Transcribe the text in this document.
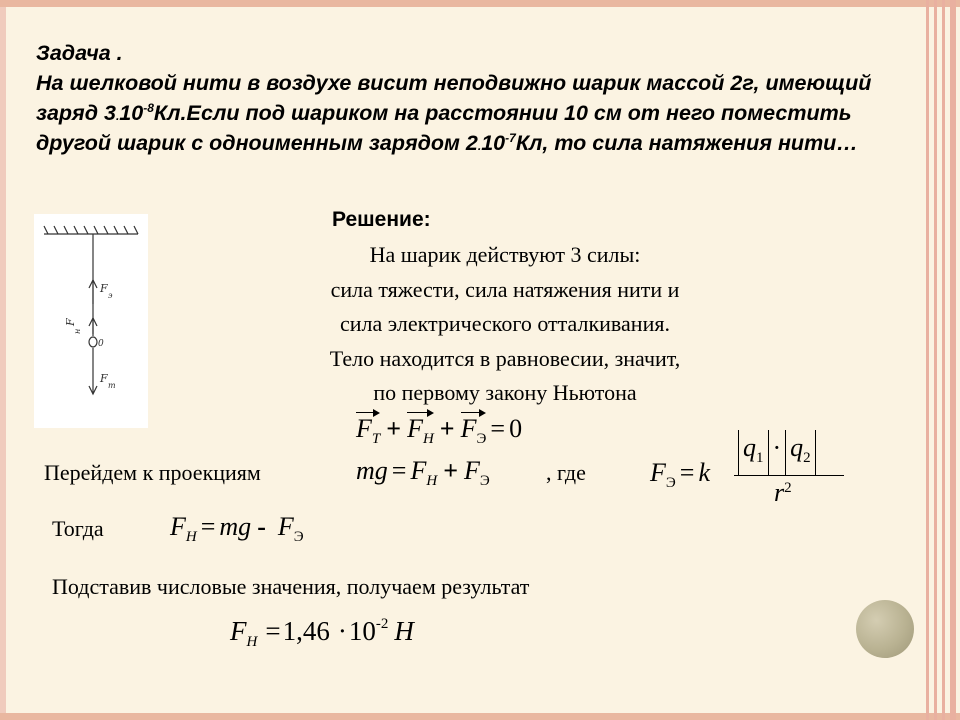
Задача .
На шелковой нити в воздухе висит неподвижно шарик массой 2г, имеющий
заряд $3.10^{-8}Кл.Если$ под шариком на расстоянии 10 см от него поместить
другой шарик с одноименным зарядом $2.10^{-7}Кл$, то сила натяжения нити…
F
э
F
т
F
н
0
Решение:
На шарик действуют 3 силы:
сила тяжести, сила натяжения нити и
сила электрического отталкивания.
Тело находится в равновесии, значит,
по первому закону Ньютона
$F_T + F_H + F_Э = 0$
Перейдем к проекциям	mg = $F_H + F_Э$	, где $F_Э = k$
$q_1 \cdot q_2$
$r^2$
Тогда	$F_H$ = mg - $F_Э$
Подставив числовые значения, получаем результат
$F_H =1,46 \cdot 10^{-2}$ H
